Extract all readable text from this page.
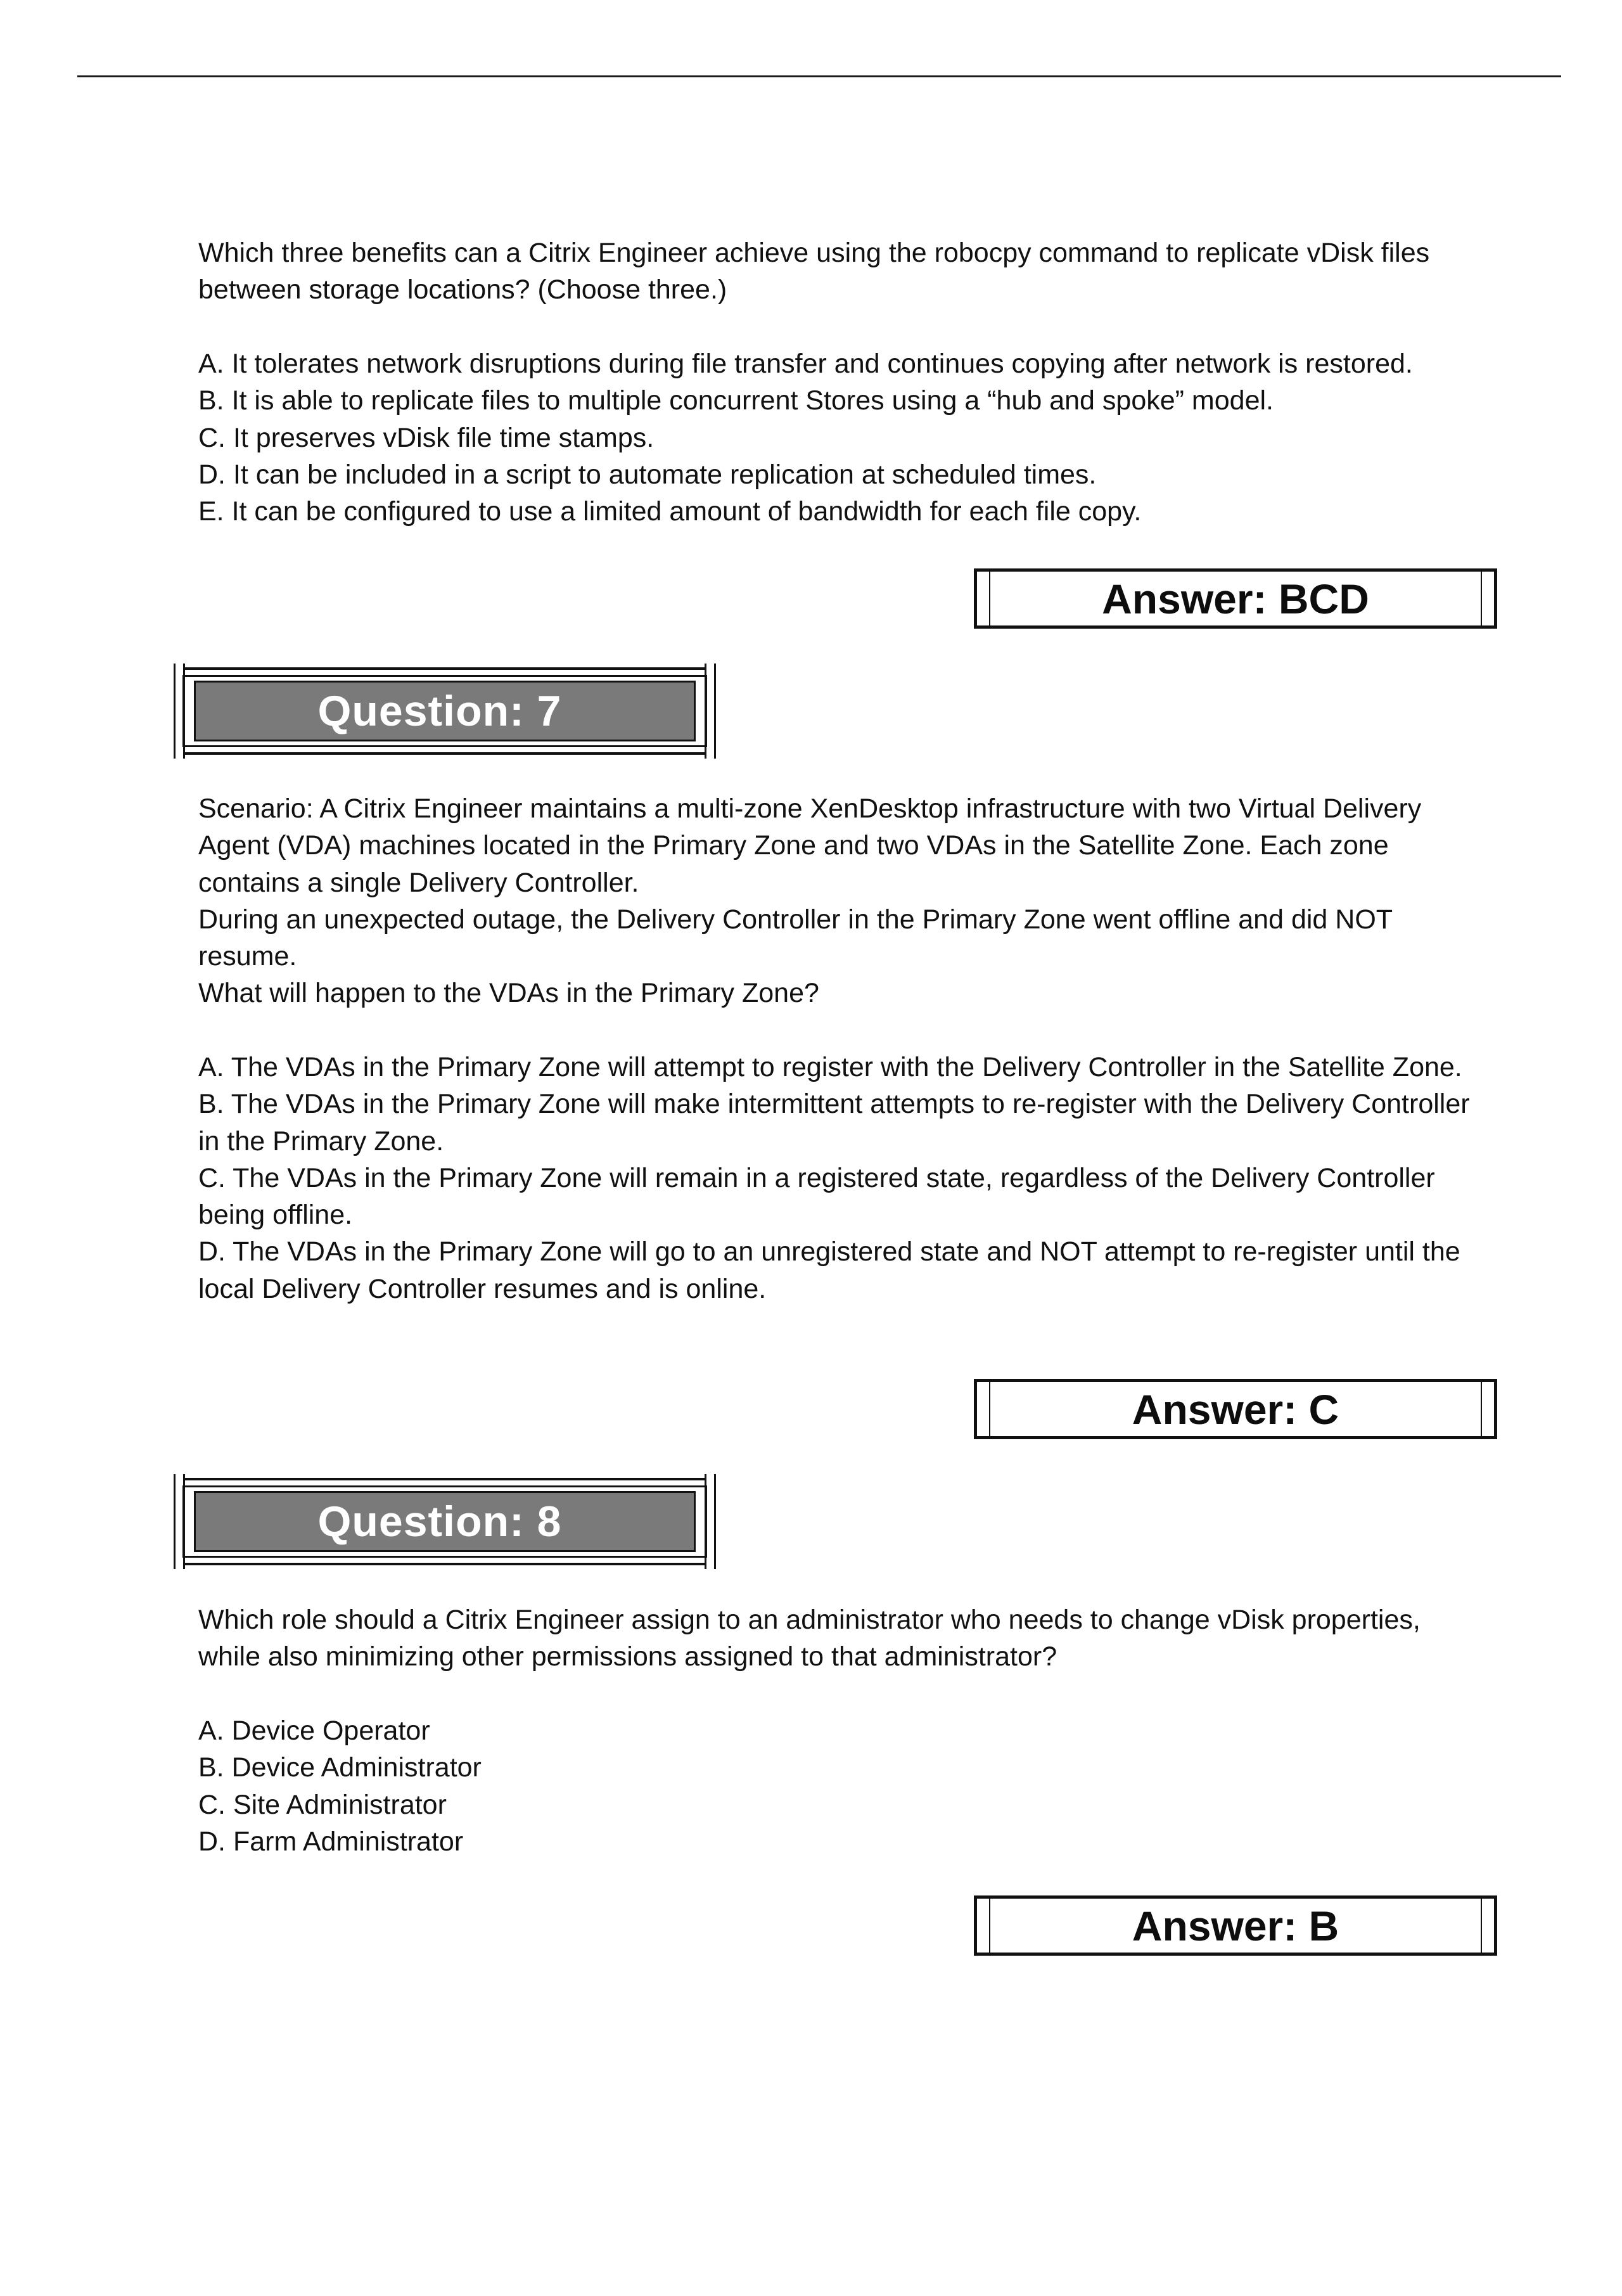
Which three benefits can a Citrix Engineer achieve using the robocpy command to replicate vDisk files between storage locations? (Choose three.)
A. It tolerates network disruptions during file transfer and continues copying after network is restored.
B. It is able to replicate files to multiple concurrent Stores using a “hub and spoke” model.
C. It preserves vDisk file time stamps.
D. It can be included in a script to automate replication at scheduled times.
E. It can be configured to use a limited amount of bandwidth for each file copy.
Answer: BCD
Question: 7
Scenario: A Citrix Engineer maintains a multi-zone XenDesktop infrastructure with two Virtual Delivery
Agent (VDA) machines located in the Primary Zone and two VDAs in the Satellite Zone. Each zone
contains a single Delivery Controller.
During an unexpected outage, the Delivery Controller in the Primary Zone went offline and did NOT
resume.
What will happen to the VDAs in the Primary Zone?
A. The VDAs in the Primary Zone will attempt to register with the Delivery Controller in the Satellite Zone.
B. The VDAs in the Primary Zone will make intermittent attempts to re-register with the Delivery Controller in the Primary Zone.
C. The VDAs in the Primary Zone will remain in a registered state, regardless of the Delivery Controller being offline.
D. The VDAs in the Primary Zone will go to an unregistered state and NOT attempt to re-register until the local Delivery Controller resumes and is online.
Answer: C
Question: 8
Which role should a Citrix Engineer assign to an administrator who needs to change vDisk properties, while also minimizing other permissions assigned to that administrator?
A. Device Operator
B. Device Administrator
C. Site Administrator
D. Farm Administrator
Answer: B
